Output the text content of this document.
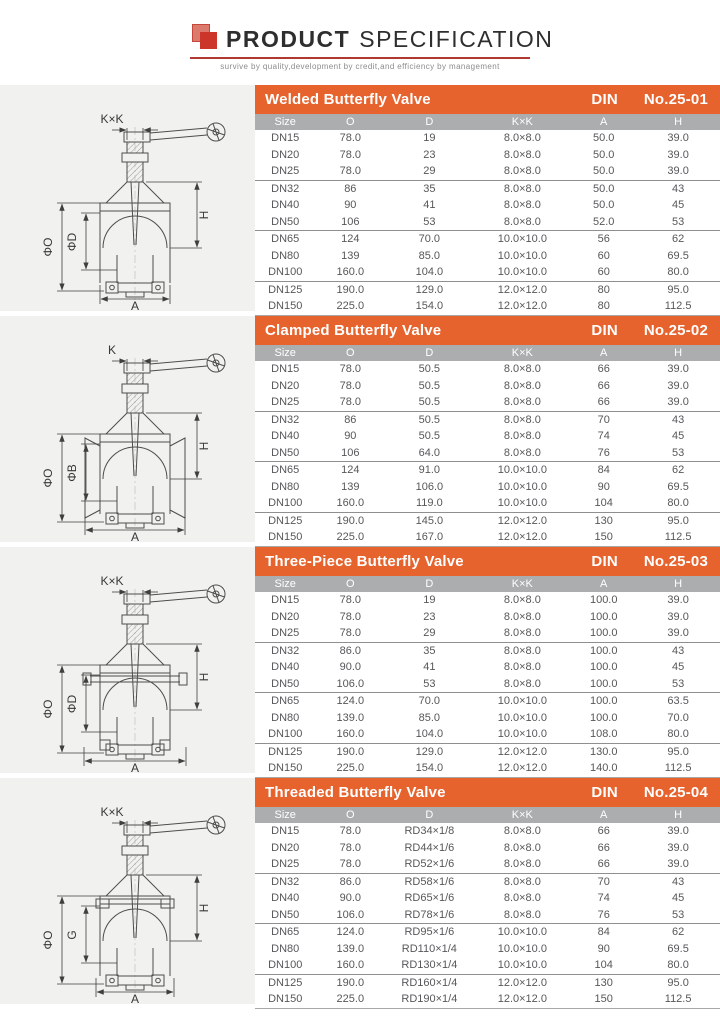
PRODUCT SPECIFICATION
survive by quality,development by credit,and efficiency by management
K×K
ΦO ΦD
H
A
Welded Butterfly Valve	DIN No.25-01
Size	O	D	K×K	A	H
DN15	78.0	19	8.0×8.0	50.0	39.0
DN20	78.0	23	8.0×8.0	50.0	39.0
DN25	78.0	29	8.0×8.0	50.0	39.0
DN32	86	35	8.0×8.0	50.0	43
DN40	90	41	8.0×8.0	50.0	45
DN50	106	53	8.0×8.0	52.0	53
DN65	124	70.0	10.0×10.0	56	62
DN80	139	85.0	10.0×10.0	60	69.5
DN100	160.0	104.0	10.0×10.0	60	80.0
DN125	190.0	129.0	12.0×12.0	80	95.0
DN150	225.0	154.0	12.0×12.0	80	112.5
K
ΦO ΦB
H
A
Clamped Butterfly Valve	DIN No.25-02
Size	O	D	K×K	A	H
DN15	78.0	50.5	8.0×8.0	66	39.0
DN20	78.0	50.5	8.0×8.0	66	39.0
DN25	78.0	50.5	8.0×8.0	66	39.0
DN32	86	50.5	8.0×8.0	70	43
DN40	90	50.5	8.0×8.0	74	45
DN50	106	64.0	8.0×8.0	76	53
DN65	124	91.0	10.0×10.0	84	62
DN80	139	106.0	10.0×10.0	90	69.5
DN100	160.0	119.0	10.0×10.0	104	80.0
DN125	190.0	145.0	12.0×12.0	130	95.0
DN150	225.0	167.0	12.0×12.0	150	112.5
K×K
ΦO ΦD
H
A
Three-Piece Butterfly Valve	DIN No.25-03
Size	O	D	K×K	A	H
DN15	78.0	19	8.0×8.0	100.0	39.0
DN20	78.0	23	8.0×8.0	100.0	39.0
DN25	78.0	29	8.0×8.0	100.0	39.0
DN32	86.0	35	8.0×8.0	100.0	43
DN40	90.0	41	8.0×8.0	100.0	45
DN50	106.0	53	8.0×8.0	100.0	53
DN65	124.0	70.0	10.0×10.0	100.0	63.5
DN80	139.0	85.0	10.0×10.0	100.0	70.0
DN100	160.0	104.0	10.0×10.0	108.0	80.0
DN125	190.0	129.0	12.0×12.0	130.0	95.0
DN150	225.0	154.0	12.0×12.0	140.0	112.5
K×K
ΦO G
H
A
Threaded Butterfly Valve	DIN No.25-04
Size	O	D	K×K	A	H
DN15	78.0	RD34×1/8	8.0×8.0	66	39.0
DN20	78.0	RD44×1/6	8.0×8.0	66	39.0
DN25	78.0	RD52×1/6	8.0×8.0	66	39.0
DN32	86.0	RD58×1/6	8.0×8.0	70	43
DN40	90.0	RD65×1/6	8.0×8.0	74	45
DN50	106.0	RD78×1/6	8.0×8.0	76	53
DN65	124.0	RD95×1/6	10.0×10.0	84	62
DN80	139.0	RD110×1/4	10.0×10.0	90	69.5
DN100	160.0	RD130×1/4	10.0×10.0	104	80.0
DN125	190.0	RD160×1/4	12.0×12.0	130	95.0
DN150	225.0	RD190×1/4	12.0×12.0	150	112.5
